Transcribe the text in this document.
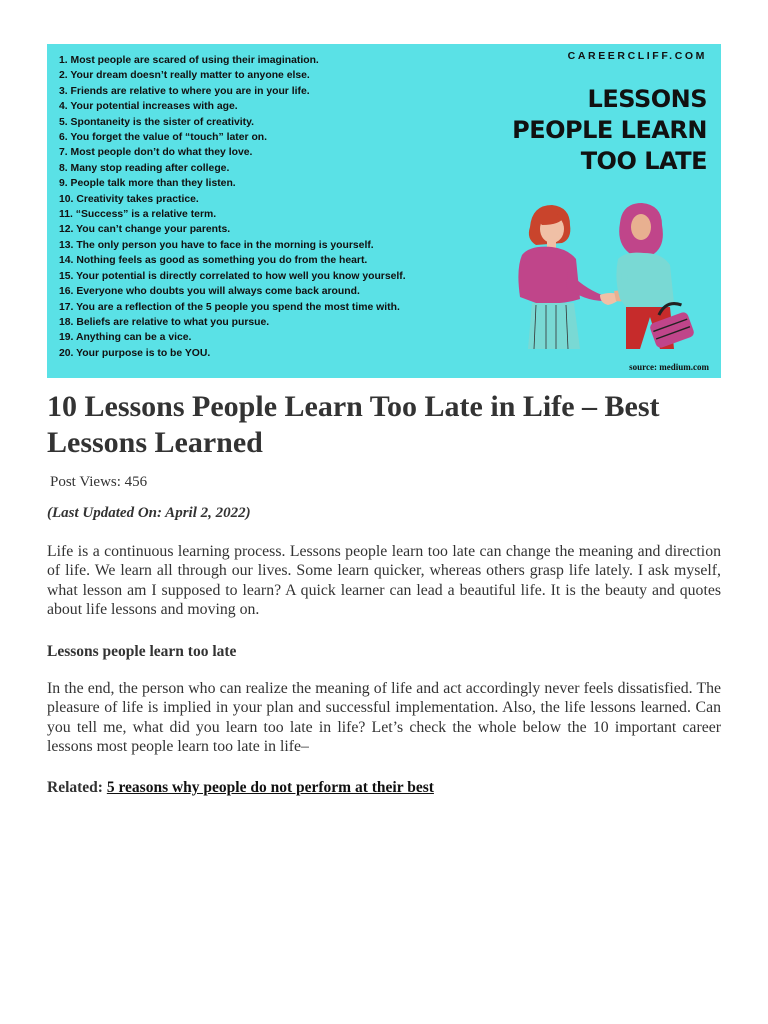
1. Most people are scared of using their imagination.
2. Your dream doesn’t really matter to anyone else.
3. Friends are relative to where you are in your life.
4. Your potential increases with age.
5. Spontaneity is the sister of creativity.
6. You forget the value of “touch” later on.
7. Most people don’t do what they love.
8. Many stop reading after college.
9. People talk more than they listen.
10. Creativity takes practice.
11. “Success” is a relative term.
12. You can’t change your parents.
13. The only person you have to face in the morning is yourself.
14. Nothing feels as good as something you do from the heart.
15. Your potential is directly correlated to how well you know yourself.
16. Everyone who doubts you will always come back around.
17. You are a reflection of the 5 people you spend the most time with.
18. Beliefs are relative to what you pursue.
19. Anything can be a vice.
20. Your purpose is to be YOU.
CAREERCLIFF.COM
LESSONS
PEOPLE LEARN
TOO LATE
source: medium.com
10 Lessons People Learn Too Late in Life – Best Lessons Learned
Post Views: 456
(Last Updated On: April 2, 2022)

Life is a continuous learning process. Lessons people learn too late can change the meaning and direction of life. We learn all through our lives. Some learn quicker, whereas others grasp life lately. I ask myself, what lesson am I supposed to learn? A quick learner can lead a beautiful life. It is the beauty and quotes about life lessons and moving on.

Lessons people learn too late

In the end, the person who can realize the meaning of life and act accordingly never feels dissatisfied. The pleasure of life is implied in your plan and successful implementation. Also, the life lessons learned. Can you tell me, what did you learn too late in life? Let’s check the whole below the 10 important career lessons most people learn too late in life–

Related: 5 reasons why people do not perform at their best
